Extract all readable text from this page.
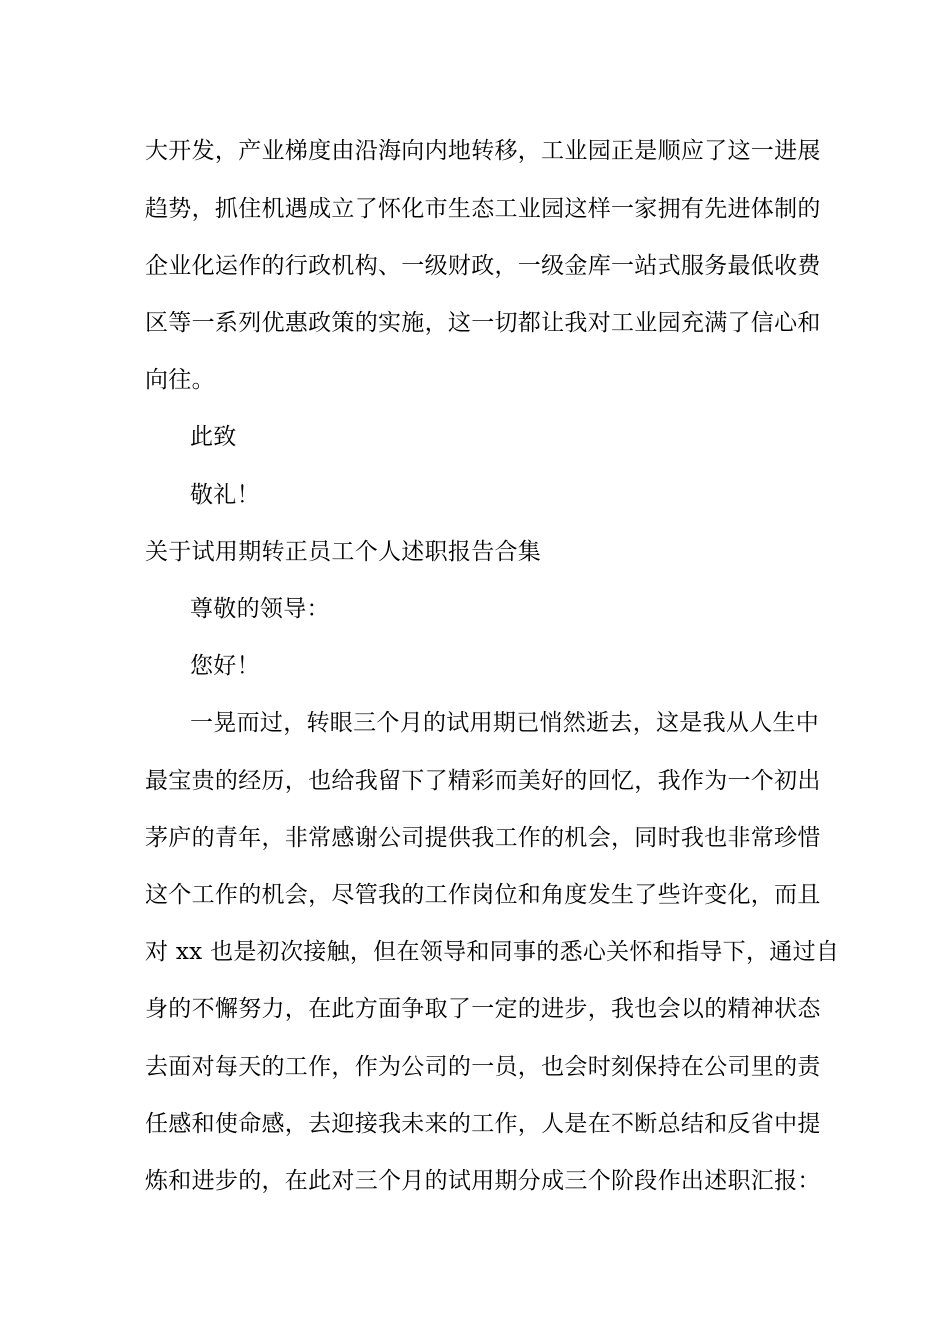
大开发，产业梯度由沿海向内地转移，工业园正是顺应了这一进展
趋势，抓住机遇成立了怀化市生态工业园这样一家拥有先进体制的
企业化运作的行政机构、一级财政，一级金库一站式服务最低收费
区等一系列优惠政策的实施，这一切都让我对工业园充满了信心和
向往。
此致
敬礼！
关于试用期转正员工个人述职报告合集
尊敬的领导：
您好！
一晃而过，转眼三个月的试用期已悄然逝去，这是我从人生中
最宝贵的经历，也给我留下了精彩而美好的回忆，我作为一个初出
茅庐的青年，非常感谢公司提供我工作的机会，同时我也非常珍惜
这个工作的机会，尽管我的工作岗位和角度发生了些许变化，而且
对 xx 也是初次接触，但在领导和同事的悉心关怀和指导下，通过自
身的不懈努力，在此方面争取了一定的进步，我也会以的精神状态
去面对每天的工作，作为公司的一员，也会时刻保持在公司里的责
任感和使命感，去迎接我未来的工作，人是在不断总结和反省中提
炼和进步的，在此对三个月的试用期分成三个阶段作出述职汇报：
